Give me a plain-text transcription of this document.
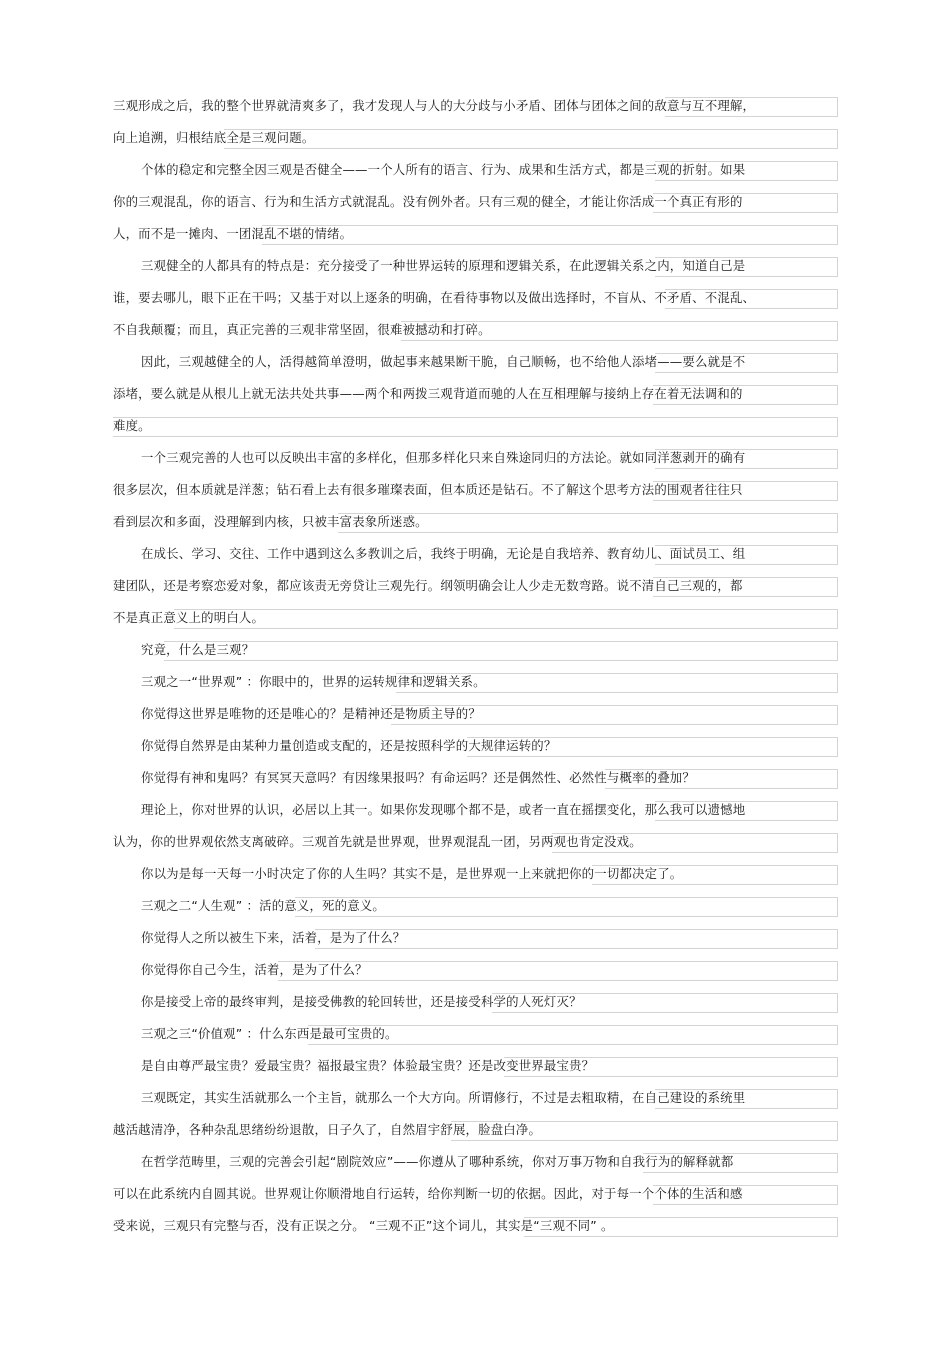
三观形成之后，我的整个世界就清爽多了，我才发现人与人的大分歧与小矛盾、团体与团体之间的敌意与互不理解，
向上追溯，归根结底全是三观问题。
个体的稳定和完整全因三观是否健全——一个人所有的语言、行为、成果和生活方式，都是三观的折射。如果
你的三观混乱，你的语言、行为和生活方式就混乱。没有例外者。只有三观的健全，才能让你活成一个真正有形的
人，而不是一摊肉、一团混乱不堪的情绪。
三观健全的人都具有的特点是：充分接受了一种世界运转的原理和逻辑关系，在此逻辑关系之内，知道自己是
谁，要去哪儿，眼下正在干吗；又基于对以上逐条的明确，在看待事物以及做出选择时，不盲从、不矛盾、不混乱、
不自我颠覆；而且，真正完善的三观非常坚固，很难被撼动和打碎。
因此，三观越健全的人，活得越简单澄明，做起事来越果断干脆，自己顺畅，也不给他人添堵——要么就是不
添堵，要么就是从根儿上就无法共处共事——两个和两拨三观背道而驰的人在互相理解与接纳上存在着无法调和的
难度。
一个三观完善的人也可以反映出丰富的多样化，但那多样化只来自殊途同归的方法论。就如同洋葱剥开的确有
很多层次，但本质就是洋葱；钻石看上去有很多璀璨表面，但本质还是钻石。不了解这个思考方法的围观者往往只
看到层次和多面，没理解到内核，只被丰富表象所迷惑。
在成长、学习、交往、工作中遇到这么多教训之后，我终于明确，无论是自我培养、教育幼儿、面试员工、组
建团队，还是考察恋爱对象，都应该责无旁贷让三观先行。纲领明确会让人少走无数弯路。说不清自己三观的，都
不是真正意义上的明白人。
究竟，什么是三观？
三观之一“世界观” ：你眼中的，世界的运转规律和逻辑关系。
你觉得这世界是唯物的还是唯心的？是精神还是物质主导的？
你觉得自然界是由某种力量创造或支配的，还是按照科学的大规律运转的？
你觉得有神和鬼吗？有冥冥天意吗？有因缘果报吗？有命运吗？还是偶然性、必然性与概率的叠加？
理论上，你对世界的认识，必居以上其一。如果你发现哪个都不是，或者一直在摇摆变化，那么我可以遗憾地
认为，你的世界观依然支离破碎。三观首先就是世界观，世界观混乱一团，另两观也肯定没戏。
你以为是每一天每一小时决定了你的人生吗？其实不是，是世界观一上来就把你的一切都决定了。
三观之二“人生观” ：活的意义，死的意义。
你觉得人之所以被生下来，活着，是为了什么？
你觉得你自己今生，活着，是为了什么？
你是接受上帝的最终审判，是接受佛教的轮回转世，还是接受科学的人死灯灭？
三观之三“价值观” ：什么东西是最可宝贵的。
是自由尊严最宝贵？爱最宝贵？福报最宝贵？体验最宝贵？还是改变世界最宝贵？
三观既定，其实生活就那么一个主旨，就那么一个大方向。所谓修行，不过是去粗取精，在自己建设的系统里
越活越清净，各种杂乱思绪纷纷退散，日子久了，自然眉宇舒展，脸盘白净。
在哲学范畴里，三观的完善会引起“剧院效应”——你遵从了哪种系统，你对万事万物和自我行为的解释就都
可以在此系统内自圆其说。世界观让你顺滑地自行运转，给你判断一切的依据。因此，对于每一个个体的生活和感
受来说，三观只有完整与否，没有正误之分。 “三观不正”这个词儿，其实是“三观不同” 。
